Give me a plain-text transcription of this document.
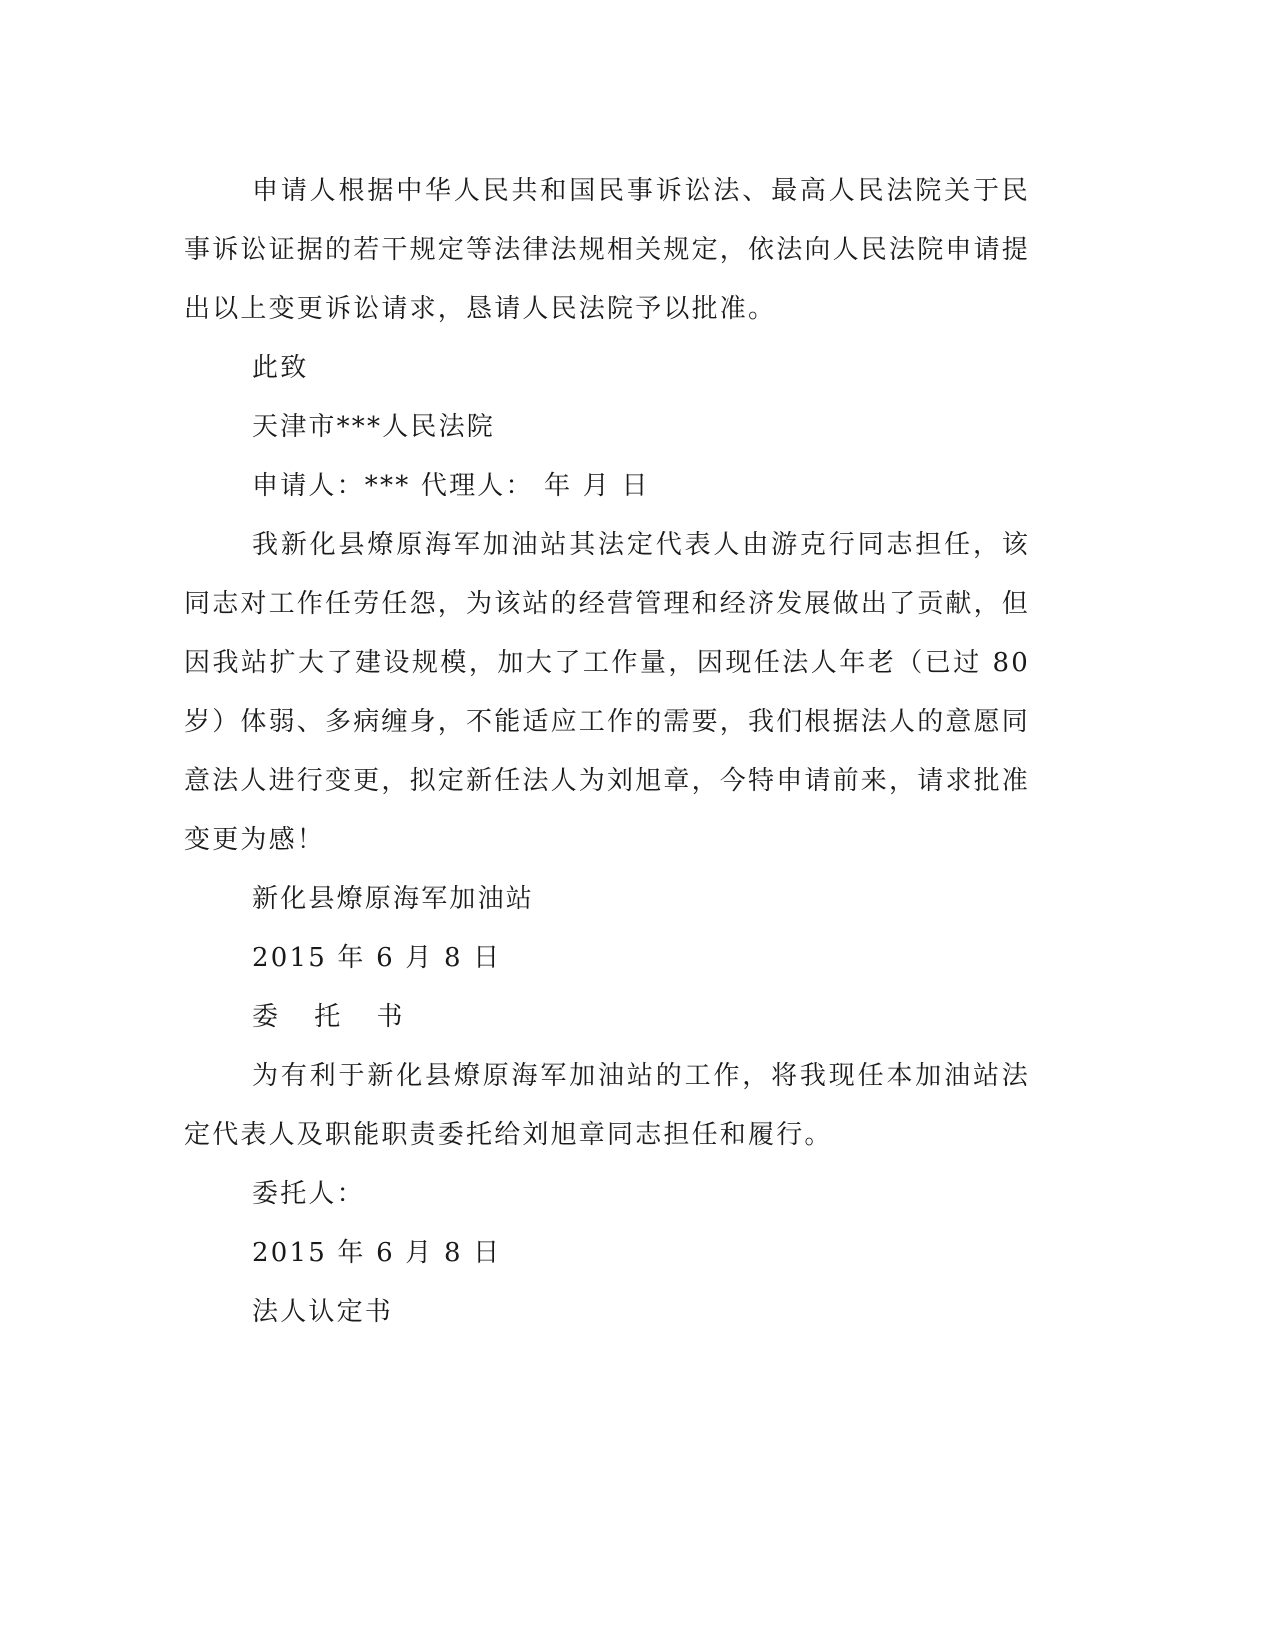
申请人根据中华人民共和国民事诉讼法、最高人民法院关于民事诉讼证据的若干规定等法律法规相关规定，依法向人民法院申请提出以上变更诉讼请求，恳请人民法院予以批准。

此致

天津市***人民法院

申请人：*** 代理人： 年 月 日

我新化县燎原海军加油站其法定代表人由游克行同志担任，该同志对工作任劳任怨，为该站的经营管理和经济发展做出了贡献，但因我站扩大了建设规模，加大了工作量，因现任法人年老（已过 80 岁）体弱、多病缠身，不能适应工作的需要，我们根据法人的意愿同意法人进行变更，拟定新任法人为刘旭章，今特申请前来，请求批准变更为感！

新化县燎原海军加油站

2015 年 6 月 8 日

委 托 书

为有利于新化县燎原海军加油站的工作，将我现任本加油站法定代表人及职能职责委托给刘旭章同志担任和履行。

委托人：

2015 年 6 月 8 日

法人认定书
